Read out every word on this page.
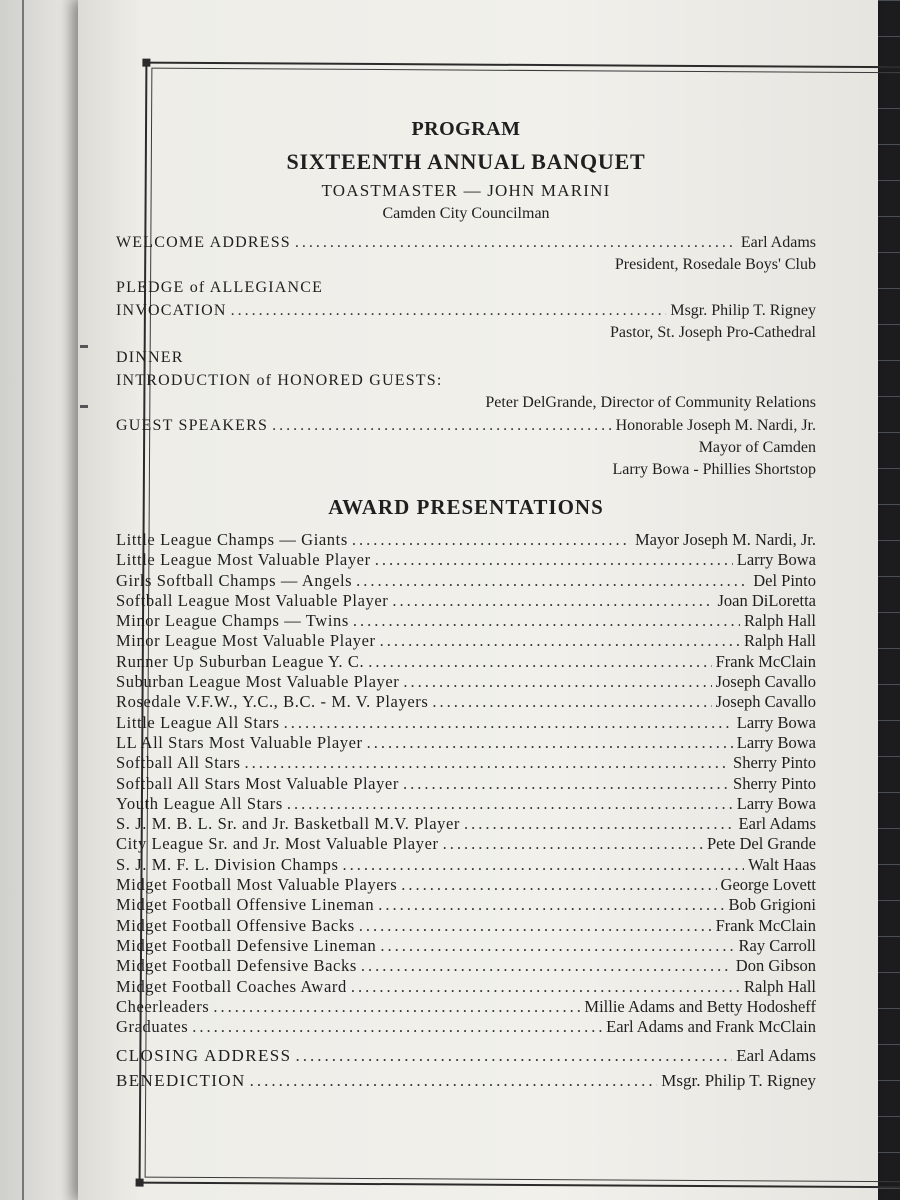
PROGRAM
SIXTEENTH ANNUAL BANQUET
TOASTMASTER — JOHN MARINI
Camden City Councilman
WELCOME ADDRESS .....	Earl Adams
President, Rosedale Boys' Club
PLEDGE of ALLEGIANCE
INVOCATION .....	Msgr. Philip T. Rigney
Pastor, St. Joseph Pro-Cathedral
DINNER
INTRODUCTION of HONORED GUESTS:
Peter DelGrande, Director of Community Relations
GUEST SPEAKERS .....	Honorable Joseph M. Nardi, Jr.
Mayor of Camden
Larry Bowa - Phillies Shortstop
AWARD PRESENTATIONS
Little League Champs — Giants .....	Mayor Joseph M. Nardi, Jr.
Little League Most Valuable Player .....	Larry Bowa
Girls Softball Champs — Angels .....	Del Pinto
Softball League Most Valuable Player .....	Joan DiLoretta
Minor League Champs — Twins .....	Ralph Hall
Minor League Most Valuable Player .....	Ralph Hall
Runner Up Suburban League Y. C. .....	Frank McClain
Suburban League Most Valuable Player .....	Joseph Cavallo
Rosedale V.F.W., Y.C., B.C. - M. V. Players .....	Joseph Cavallo
Little League All Stars .....	Larry Bowa
LL All Stars Most Valuable Player .....	Larry Bowa
Softball All Stars .....	Sherry Pinto
Softball All Stars Most Valuable Player .....	Sherry Pinto
Youth League All Stars .....	Larry Bowa
S. J. M. B. L. Sr. and Jr. Basketball M.V. Player .....	Earl Adams
City League Sr. and Jr. Most Valuable Player .....	Pete Del Grande
S. J. M. F. L. Division Champs .....	Walt Haas
Midget Football Most Valuable Players .....	George Lovett
Midget Football Offensive Lineman .....	Bob Grigioni
Midget Football Offensive Backs .....	Frank McClain
Midget Football Defensive Lineman .....	Ray Carroll
Midget Football Defensive Backs .....	Don Gibson
Midget Football Coaches Award .....	Ralph Hall
Cheerleaders .....	Millie Adams and Betty Hodosheff
Graduates .....	Earl Adams and Frank McClain
CLOSING ADDRESS .....	Earl Adams
BENEDICTION .....	Msgr. Philip T. Rigney
